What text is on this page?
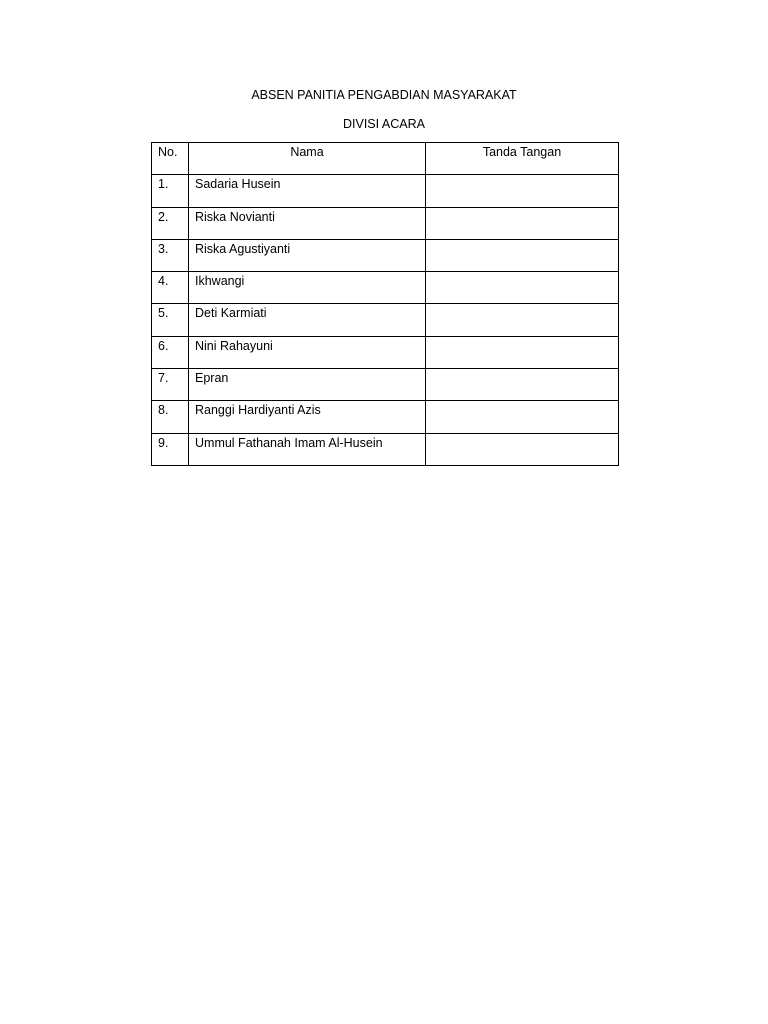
ABSEN PANITIA PENGABDIAN MASYARAKAT
DIVISI ACARA
No.	Nama	Tanda Tangan
1.	Sadaria Husein	
2.	Riska Novianti	
3.	Riska Agustiyanti	
4.	Ikhwangi	
5.	Deti Karmiati	
6.	Nini Rahayuni	
7.	Epran	
8.	Ranggi Hardiyanti Azis	
9.	Ummul Fathanah Imam Al-Husein	
